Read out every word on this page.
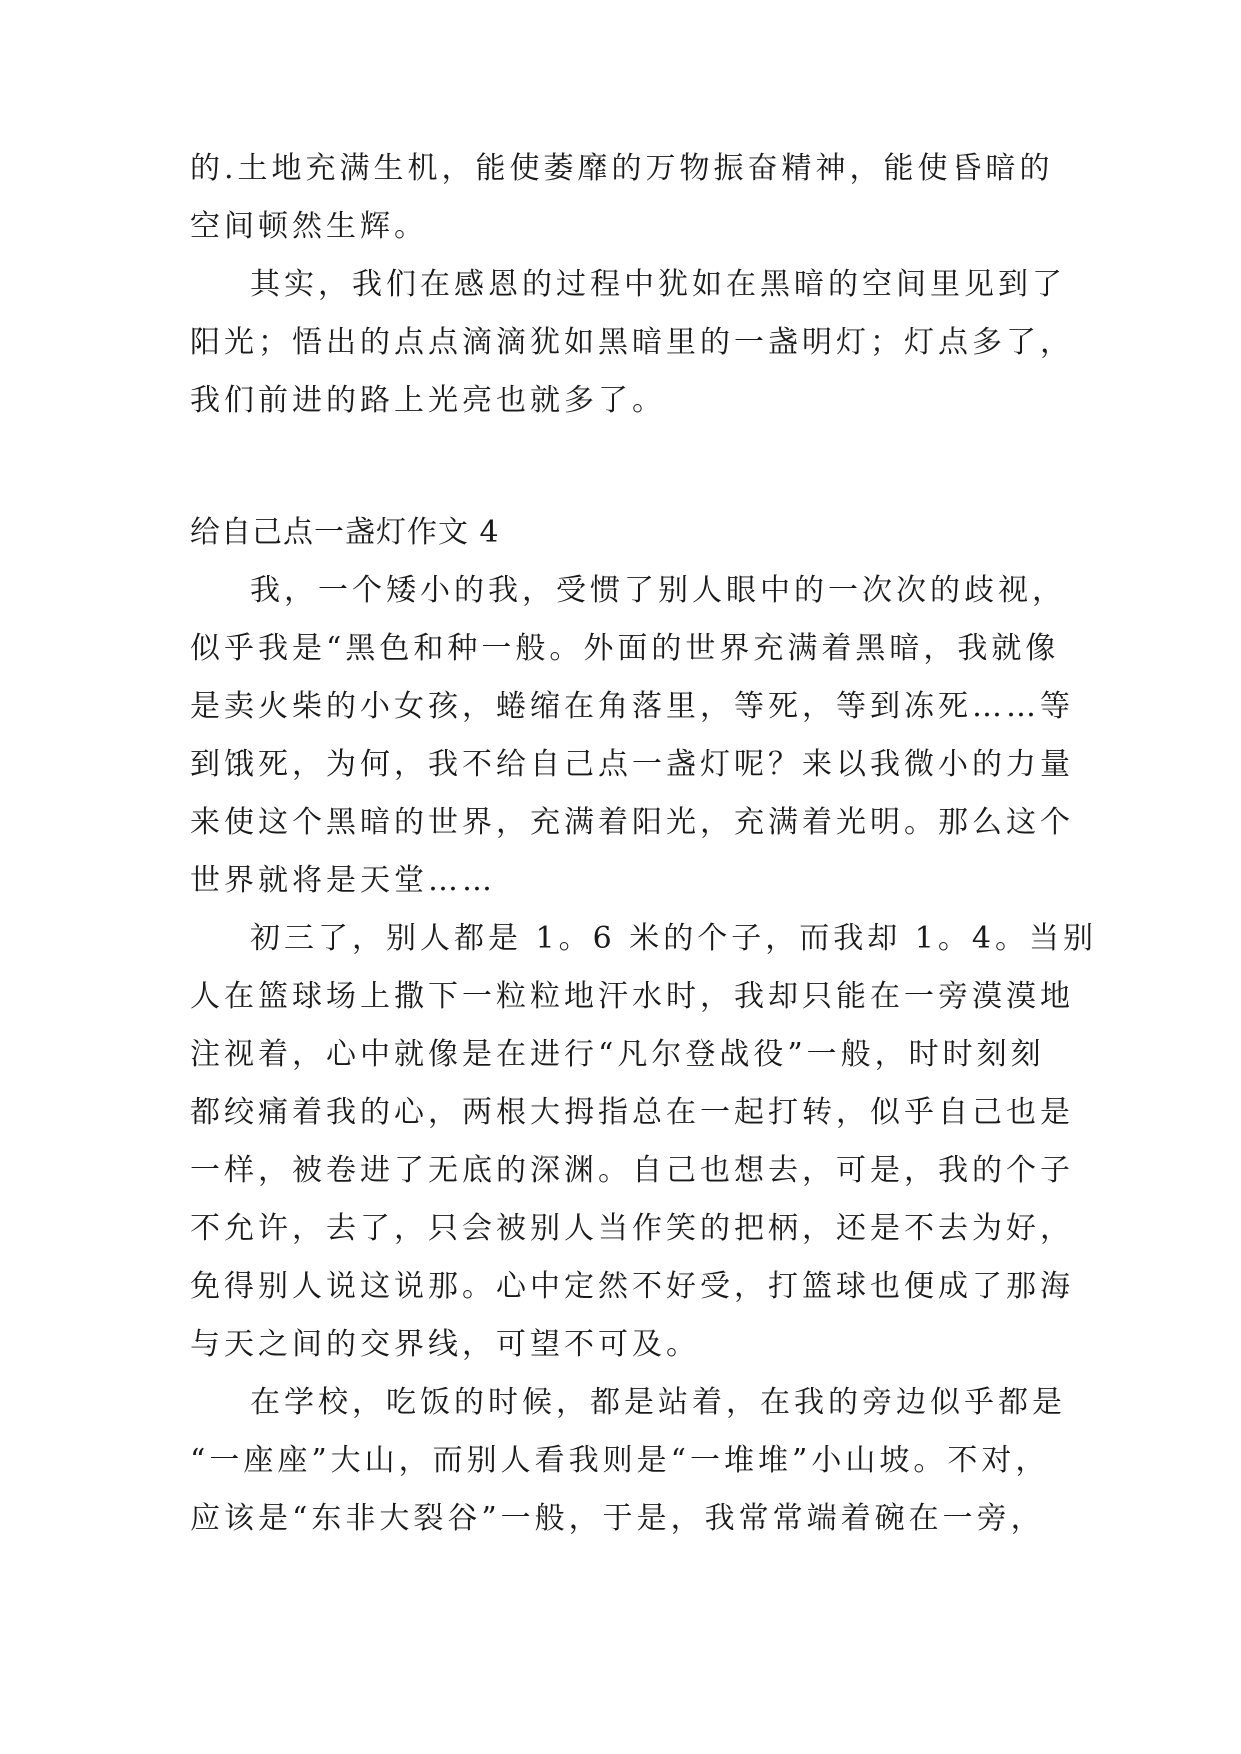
的.土地充满生机，能使萎靡的万物振奋精神，能使昏暗的
空间顿然生辉。
其实，我们在感恩的过程中犹如在黑暗的空间里见到了
阳光；悟出的点点滴滴犹如黑暗里的一盏明灯；灯点多了，
我们前进的路上光亮也就多了。
给自己点一盏灯作文 4
我，一个矮小的我，受惯了别人眼中的一次次的歧视，
似乎我是“黑色和种一般。外面的世界充满着黑暗，我就像
是卖火柴的小女孩，蜷缩在角落里，等死，等到冻死……等
到饿死，为何，我不给自己点一盏灯呢？来以我微小的力量
来使这个黑暗的世界，充满着阳光，充满着光明。那么这个
世界就将是天堂……
初三了，别人都是 1。6 米的个子，而我却 1。4。当别
人在篮球场上撒下一粒粒地汗水时，我却只能在一旁漠漠地
注视着，心中就像是在进行“凡尔登战役”一般，时时刻刻
都绞痛着我的心，两根大拇指总在一起打转，似乎自己也是
一样，被卷进了无底的深渊。自己也想去，可是，我的个子
不允许，去了，只会被别人当作笑的把柄，还是不去为好，
免得别人说这说那。心中定然不好受，打篮球也便成了那海
与天之间的交界线，可望不可及。
在学校，吃饭的时候，都是站着，在我的旁边似乎都是
“一座座”大山，而别人看我则是“一堆堆”小山坡。不对，
应该是“东非大裂谷”一般，于是，我常常端着碗在一旁，
